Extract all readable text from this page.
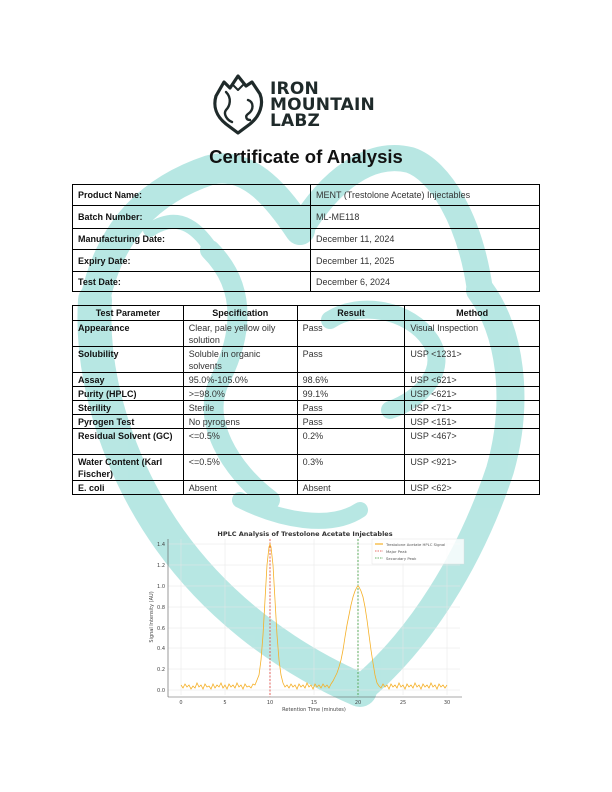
IRON
MOUNTAIN
LABZ
Certificate of Analysis
Product Name:	MENT (Trestolone Acetate) Injectables
Batch Number:	ML-ME118
Manufacturing Date:	December 11, 2024
Expiry Date:	December 11, 2025
Test Date:	December 6, 2024
Test Parameter	Specification	Result	Method
Appearance	Clear, pale yellow oily solution	Pass	Visual Inspection
Solubility	Soluble in organic solvents	Pass	USP <1231>
Assay	95.0%-105.0%	98.6%	USP <621>
Purity (HPLC)	>=98.0%	99.1%	USP <621>
Sterility	Sterile	Pass	USP <71>
Pyrogen Test	No pyrogens	Pass	USP <151>
Residual Solvent (GC)	<=0.5%	0.2%	USP <467>
Water Content (Karl Fischer)	<=0.5%	0.3%	USP <921>
E. coli	Absent	Absent	USP <62>
HPLC Analysis of Trestolone Acetate Injectables
0.0
0.2
0.4
0.6
0.8
1.0
1.2
1.4
0	5	10	15	20	25	30
Retention Time (minutes)
Signal Intensity (AU)
Trestolone Acetate HPLC Signal
Major Peak
Secondary Peak
